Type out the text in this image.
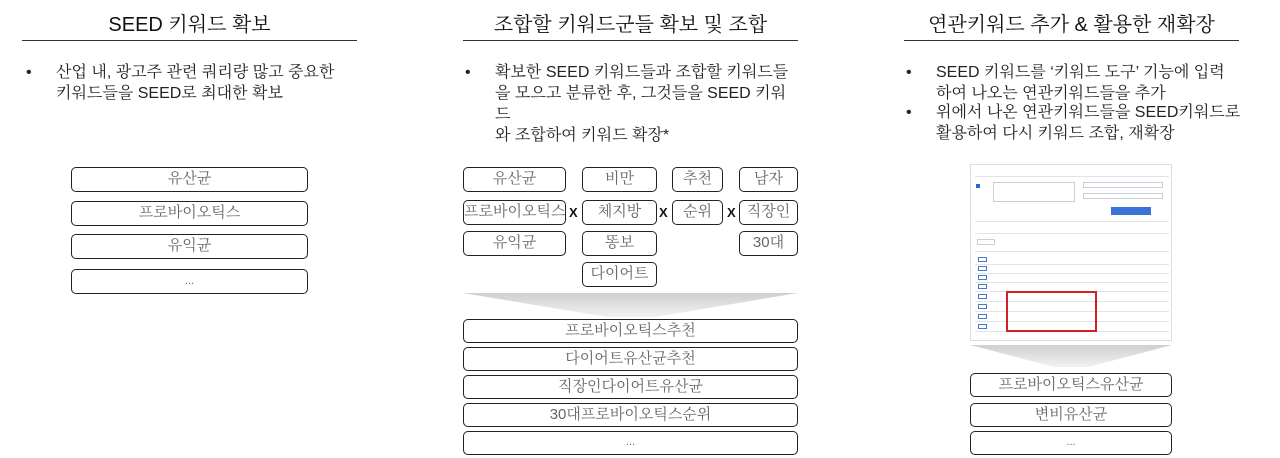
SEED 키워드 확보
• 산업 내, 광고주 관련 쿼리량 많고 중요한
키워드들을 SEED로 최대한 확보
유산균
프로바이오틱스
유익균
...
조합할 키워드군들 확보 및 조합
• 확보한 SEED 키워드들과 조합할 키워드들
을 모으고 분류한 후, 그것들을 SEED 키워드
와 조합하여 키워드 확장*
유산균
프로바이오틱스
유익균
X
비만
체지방
똥보
다이어트
X
추천
순위	X
남자
직장인
30대
프로바이오틱스추천
다이어트유산균추천
직장인다이어트유산균
30대프로바이오틱스순위
...
연관키워드 추가 & 활용한 재확장
• SEED 키워드를 ‘키워드 도구’ 기능에 입력
하여 나오는 연관키워드들을 추가
• 위에서 나온 연관키워드들을 SEED키워드로
활용하여 다시 키워드 조합, 재확장
프로바이오틱스유산균
변비유산균
...
